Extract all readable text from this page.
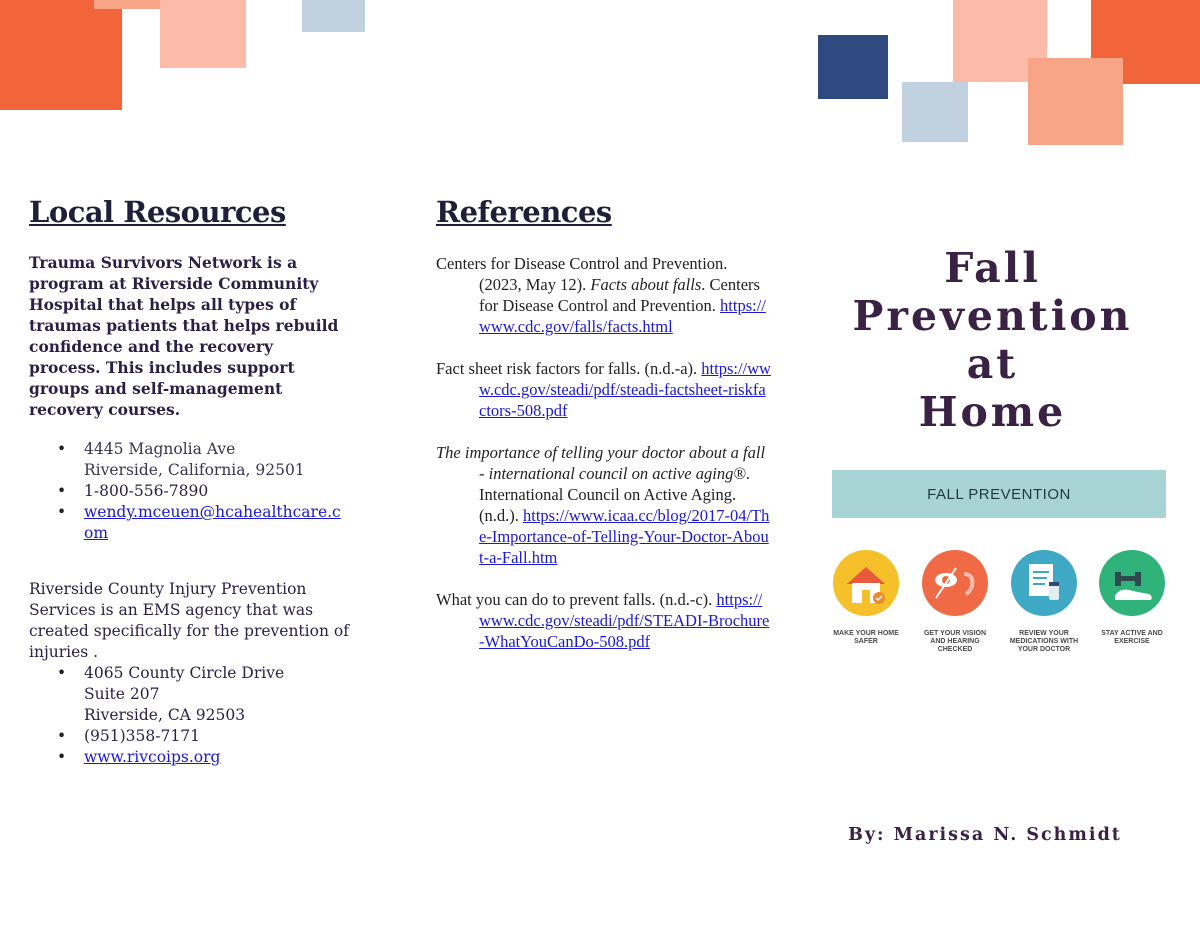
Local Resources

Trauma Survivors Network is a program at Riverside Community Hospital that helps all types of traumas patients that helps rebuild confidence and the recovery process. This includes support groups and self-management recovery courses.

• 4445 Magnolia Ave
Riverside, California, 92501
• 1-800-556-7890
• wendy.mceuen@hcahealthcare.com

Riverside County Injury Prevention Services is an EMS agency that was created specifically for the prevention of injuries .

• 4065 County Circle Drive
Suite 207
Riverside, CA 92503
• (951)358-7171
• www.rivcoips.org
References

Centers for Disease Control and Prevention. (2023, May 12). Facts about falls. Centers for Disease Control and Prevention. https://www.cdc.gov/falls/facts.html

Fact sheet risk factors for falls. (n.d.-a). https://www.cdc.gov/steadi/pdf/steadi-factsheet-riskfactors-508.pdf

The importance of telling your doctor about a fall - international council on active aging®. International Council on Active Aging. (n.d.). https://www.icaa.cc/blog/2017-04/The-Importance-of-Telling-Your-Doctor-About-a-Fall.htm

What you can do to prevent falls. (n.d.-c). https://www.cdc.gov/steadi/pdf/STEADI-Brochure-WhatYouCanDo-508.pdf

Fall
Prevention at
Home
FALL PREVENTION
MAKE YOUR HOME SAFER
GET YOUR VISION AND HEARING CHECKED
REVIEW YOUR MEDICATIONS WITH YOUR DOCTOR
STAY ACTIVE AND EXERCISE
By: Marissa N. Schmidt
